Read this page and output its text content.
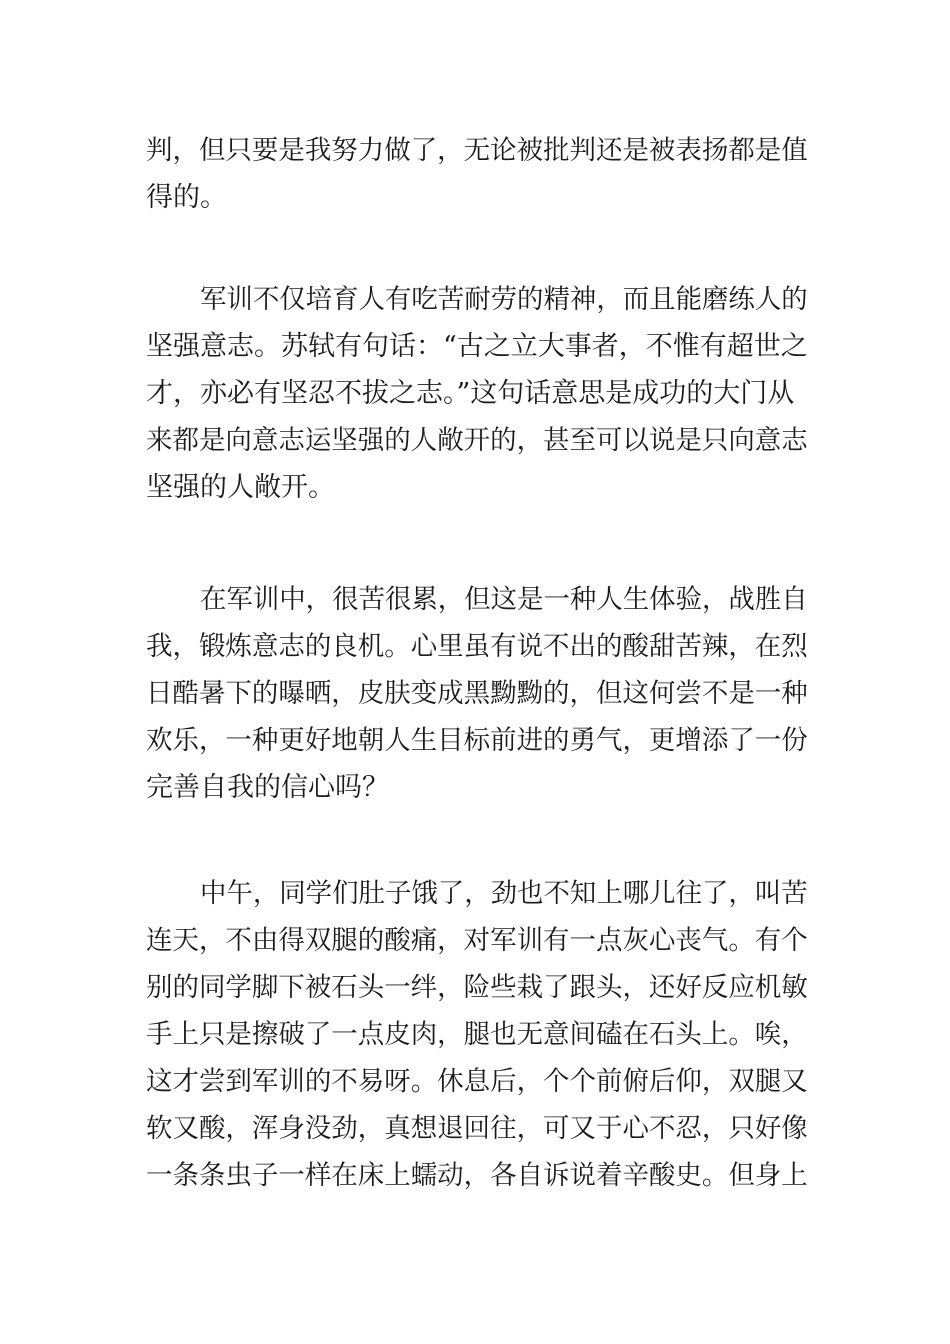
判，但只要是我努力做了，无论被批判还是被表扬都是值
得的。
军训不仅培育人有吃苦耐劳的精神，而且能磨练人的
坚强意志。苏轼有句话：“古之立大事者，不惟有超世之
才，亦必有坚忍不拔之志。”这句话意思是成功的大门从
来都是向意志运坚强的人敞开的，甚至可以说是只向意志
坚强的人敞开。
在军训中，很苦很累，但这是一种人生体验，战胜自
我，锻炼意志的良机。心里虽有说不出的酸甜苦辣，在烈
日酷暑下的曝晒，皮肤变成黑黝黝的，但这何尝不是一种
欢乐，一种更好地朝人生目标前进的勇气，更增添了一份
完善自我的信心吗？
中午，同学们肚子饿了，劲也不知上哪儿往了，叫苦
连天，不由得双腿的酸痛，对军训有一点灰心丧气。有个
别的同学脚下被石头一绊，险些栽了跟头，还好反应机敏
手上只是擦破了一点皮肉，腿也无意间磕在石头上。唉，
这才尝到军训的不易呀。休息后，个个前俯后仰，双腿又
软又酸，浑身没劲，真想退回往，可又于心不忍，只好像
一条条虫子一样在床上蠕动，各自诉说着辛酸史。但身上
